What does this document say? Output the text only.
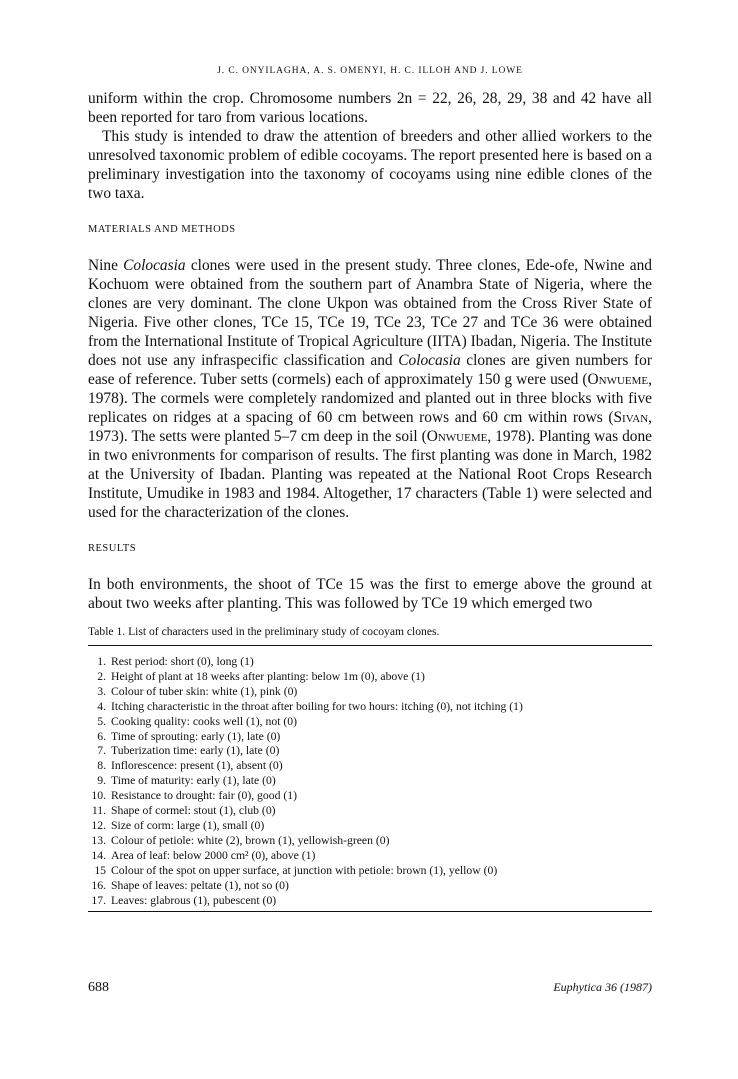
J. C. ONYILAGHA, A. S. OMENYI, H. C. ILLOH AND J. LOWE

uniform within the crop. Chromosome numbers 2n = 22, 26, 28, 29, 38 and 42 have all been reported for taro from various locations.

This study is intended to draw the attention of breeders and other allied workers to the unresolved taxonomic problem of edible cocoyams. The report presented here is based on a preliminary investigation into the taxonomy of cocoyams using nine edible clones of the two taxa.

MATERIALS AND METHODS

Nine Colocasia clones were used in the present study. Three clones, Ede-ofe, Nwine and Kochuom were obtained from the southern part of Anambra State of Nigeria, where the clones are very dominant. The clone Ukpon was obtained from the Cross River State of Nigeria. Five other clones, TCe 15, TCe 19, TCe 23, TCe 27 and TCe 36 were obtained from the International Institute of Tropical Agriculture (IITA) Ibadan, Nigeria. The Institute does not use any infraspecific classification and Colocasia clones are given numbers for ease of reference. Tuber setts (cormels) each of approximately 150 g were used (Onwueme, 1978). The cormels were completely randomized and planted out in three blocks with five replicates on ridges at a spacing of 60 cm between rows and 60 cm within rows (Sivan, 1973). The setts were planted 5–7 cm deep in the soil (Onwueme, 1978). Planting was done in two enivronments for comparison of results. The first planting was done in March, 1982 at the University of Ibadan. Planting was repeated at the National Root Crops Research Institute, Umudike in 1983 and 1984. Altogether, 17 characters (Table 1) were selected and used for the characterization of the clones.

RESULTS

In both environments, the shoot of TCe 15 was the first to emerge above the ground at about two weeks after planting. This was followed by TCe 19 which emerged two

Table 1. List of characters used in the preliminary study of cocoyam clones.
1. Rest period: short (0), long (1)
2. Height of plant at 18 weeks after planting: below 1m (0), above (1)
3. Colour of tuber skin: white (1), pink (0)
4. Itching characteristic in the throat after boiling for two hours: itching (0), not itching (1)
5. Cooking quality: cooks well (1), not (0)
6. Time of sprouting: early (1), late (0)
7. Tuberization time: early (1), late (0)
8. Inflorescence: present (1), absent (0)
9. Time of maturity: early (1), late (0)
10. Resistance to drought: fair (0), good (1)
11. Shape of cormel: stout (1), club (0)
12. Size of corm: large (1), small (0)
13. Colour of petiole: white (2), brown (1), yellowish-green (0)
14. Area of leaf: below 2000 cm² (0), above (1)
15 Colour of the spot on upper surface, at junction with petiole: brown (1), yellow (0)
16. Shape of leaves: peltate (1), not so (0)
17. Leaves: glabrous (1), pubescent (0)
688	Euphytica 36 (1987)
